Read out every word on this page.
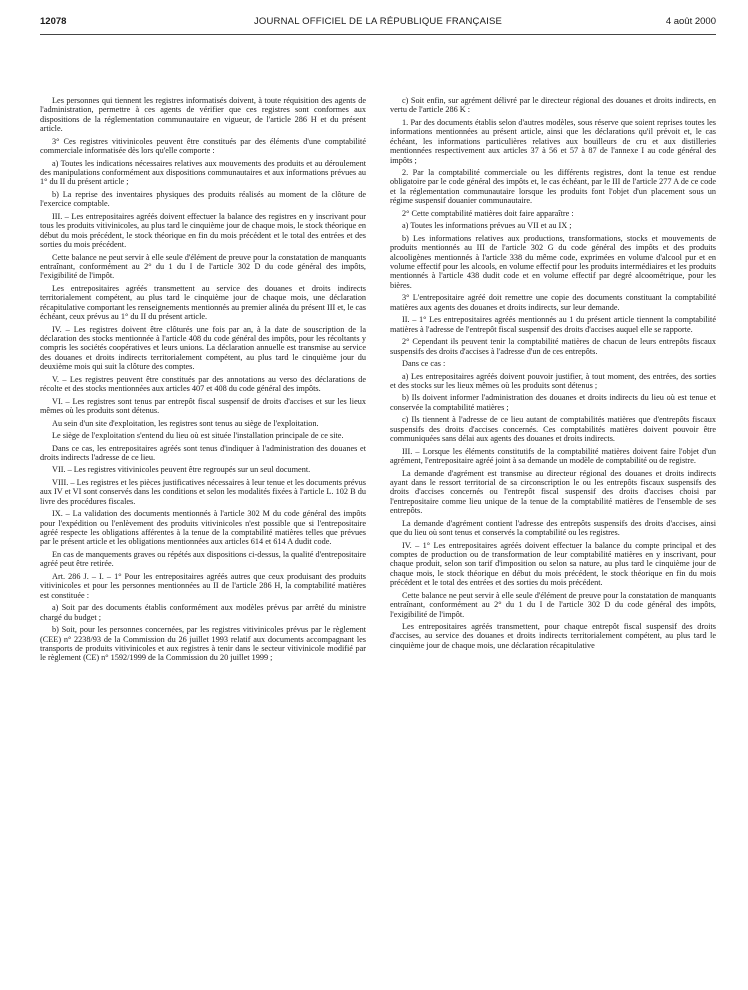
12078	JOURNAL OFFICIEL DE LA RÉPUBLIQUE FRANÇAISE	4 août 2000

Les personnes qui tiennent les registres informatisés doivent, à toute réquisition des agents de l'administration, permettre à ces agents de vérifier que ces registres sont conformes aux dispositions de la réglementation communautaire en vigueur, de l'article 286 H et du présent article.

3° Ces registres vitivinicoles peuvent être constitués par des éléments d'une comptabilité commerciale informatisée dès lors qu'elle comporte :

a) Toutes les indications nécessaires relatives aux mouvements des produits et au déroulement des manipulations conformément aux dispositions communautaires et aux informations prévues au 1° du II du présent article ;

b) La reprise des inventaires physiques des produits réalisés au moment de la clôture de l'exercice comptable.

III. – Les entrepositaires agréés doivent effectuer la balance des registres en y inscrivant pour tous les produits vitivinicoles, au plus tard le cinquième jour de chaque mois, le stock théorique en début du mois précédent, le stock théorique en fin du mois précédent et le total des entrées et des sorties du mois précédent.

Cette balance ne peut servir à elle seule d'élément de preuve pour la constatation de manquants entraînant, conformément au 2° du 1 du I de l'article 302 D du code général des impôts, l'exigibilité de l'impôt.

Les entrepositaires agréés transmettent au service des douanes et droits indirects territorialement compétent, au plus tard le cinquième jour de chaque mois, une déclaration récapitulative comportant les renseignements mentionnés au premier alinéa du présent III et, le cas échéant, ceux prévus au 1° du II du présent article.

IV. – Les registres doivent être clôturés une fois par an, à la date de souscription de la déclaration des stocks mentionnée à l'article 408 du code général des impôts, pour les récoltants y compris les sociétés coopératives et leurs unions. La déclaration annuelle est transmise au service des douanes et droits indirects territorialement compétent, au plus tard le cinquième jour du deuxième mois qui suit la clôture des comptes.

V. – Les registres peuvent être constitués par des annotations au verso des déclarations de récolte et des stocks mentionnées aux articles 407 et 408 du code général des impôts.

VI. – Les registres sont tenus par entrepôt fiscal suspensif de droits d'accises et sur les lieux mêmes où les produits sont détenus.

Au sein d'un site d'exploitation, les registres sont tenus au siège de l'exploitation.

Le siège de l'exploitation s'entend du lieu où est située l'installation principale de ce site.

Dans ce cas, les entrepositaires agréés sont tenus d'indiquer à l'administration des douanes et droits indirects l'adresse de ce lieu.

VII. – Les registres vitivinicoles peuvent être regroupés sur un seul document.

VIII. – Les registres et les pièces justificatives nécessaires à leur tenue et les documents prévus aux IV et VI sont conservés dans les conditions et selon les modalités fixées à l'article L. 102 B du livre des procédures fiscales.

IX. – La validation des documents mentionnés à l'article 302 M du code général des impôts pour l'expédition ou l'enlèvement des produits vitivinicoles n'est possible que si l'entrepositaire agréé respecte les obligations afférentes à la tenue de la comptabilité matières telles que prévues par le présent article et les obligations mentionnées aux articles 614 et 614 A dudit code.

En cas de manquements graves ou répétés aux dispositions ci-dessus, la qualité d'entrepositaire agréé peut être retirée.

Art. 286 J. – I. – 1° Pour les entrepositaires agréés autres que ceux produisant des produits vitivinicoles et pour les personnes mentionnées au II de l'article 286 H, la comptabilité matières est constituée :

a) Soit par des documents établis conformément aux modèles prévus par arrêté du ministre chargé du budget ;

b) Soit, pour les personnes concernées, par les registres vitivinicoles prévus par le règlement (CEE) n° 2238/93 de la Commission du 26 juillet 1993 relatif aux documents accompagnant les transports de produits vitivinicoles et aux registres à tenir dans le secteur vitivinicole modifié par le règlement (CE) n° 1592/1999 de la Commission du 20 juillet 1999 ;

c) Soit enfin, sur agrément délivré par le directeur régional des douanes et droits indirects, en vertu de l'article 286 K :

1. Par des documents établis selon d'autres modèles, sous réserve que soient reprises toutes les informations mentionnées au présent article, ainsi que les déclarations qu'il prévoit et, le cas échéant, les informations particulières relatives aux bouilleurs de cru et aux distilleries mentionnées respectivement aux articles 37 à 56 et 57 à 87 de l'annexe I au code général des impôts ;

2. Par la comptabilité commerciale ou les différents registres, dont la tenue est rendue obligatoire par le code général des impôts et, le cas échéant, par le III de l'article 277 A de ce code et la réglementation communautaire lorsque les produits font l'objet d'un placement sous un régime suspensif douanier communautaire.

2° Cette comptabilité matières doit faire apparaître :

a) Toutes les informations prévues au VII et au IX ;

b) Les informations relatives aux productions, transformations, stocks et mouvements de produits mentionnés au III de l'article 302 G du code général des impôts et des produits alcooligènes mentionnés à l'article 338 du même code, exprimées en volume d'alcool pur et en volume effectif pour les alcools, en volume effectif pour les produits intermédiaires et les produits mentionnés à l'article 438 dudit code et en volume effectif par degré alcoométrique, pour les bières.

3° L'entrepositaire agréé doit remettre une copie des documents constituant la comptabilité matières aux agents des douanes et droits indirects, sur leur demande.

II. – 1° Les entrepositaires agréés mentionnés au 1 du présent article tiennent la comptabilité matières à l'adresse de l'entrepôt fiscal suspensif des droits d'accises auquel elle se rapporte.

2° Cependant ils peuvent tenir la comptabilité matières de chacun de leurs entrepôts fiscaux suspensifs des droits d'accises à l'adresse d'un de ces entrepôts.

Dans ce cas :

a) Les entrepositaires agréés doivent pouvoir justifier, à tout moment, des entrées, des sorties et des stocks sur les lieux mêmes où les produits sont détenus ;

b) Ils doivent informer l'administration des douanes et droits indirects du lieu où est tenue et conservée la comptabilité matières ;

c) Ils tiennent à l'adresse de ce lieu autant de comptabilités matières que d'entrepôts fiscaux suspensifs des droits d'accises concernés. Ces comptabilités matières doivent pouvoir être communiquées sans délai aux agents des douanes et droits indirects.

III. – Lorsque les éléments constitutifs de la comptabilité matières doivent faire l'objet d'un agrément, l'entrepositaire agréé joint à sa demande un modèle de comptabilité ou de registre.

La demande d'agrément est transmise au directeur régional des douanes et droits indirects ayant dans le ressort territorial de sa circonscription le ou les entrepôts fiscaux suspensifs des droits d'accises concernés ou l'entrepôt fiscal suspensif des droits d'accises choisi par l'entrepositaire comme lieu unique de la tenue de la comptabilité matières de l'ensemble de ses entrepôts.

La demande d'agrément contient l'adresse des entrepôts suspensifs des droits d'accises, ainsi que du lieu où sont tenus et conservés la comptabilité ou les registres.

IV. – 1° Les entrepositaires agréés doivent effectuer la balance du compte principal et des comptes de production ou de transformation de leur comptabilité matières en y inscrivant, pour chaque produit, selon son tarif d'imposition ou selon sa nature, au plus tard le cinquième jour de chaque mois, le stock théorique en début du mois précédent, le stock théorique en fin du mois précédent et le total des entrées et des sorties du mois précédent.

Cette balance ne peut servir à elle seule d'élément de preuve pour la constatation de manquants entraînant, conformément au 2° du 1 du I de l'article 302 D du code général des impôts, l'exigibilité de l'impôt.

Les entrepositaires agréés transmettent, pour chaque entrepôt fiscal suspensif des droits d'accises, au service des douanes et droits indirects territorialement compétent, au plus tard le cinquième jour de chaque mois, une déclaration récapitulative
